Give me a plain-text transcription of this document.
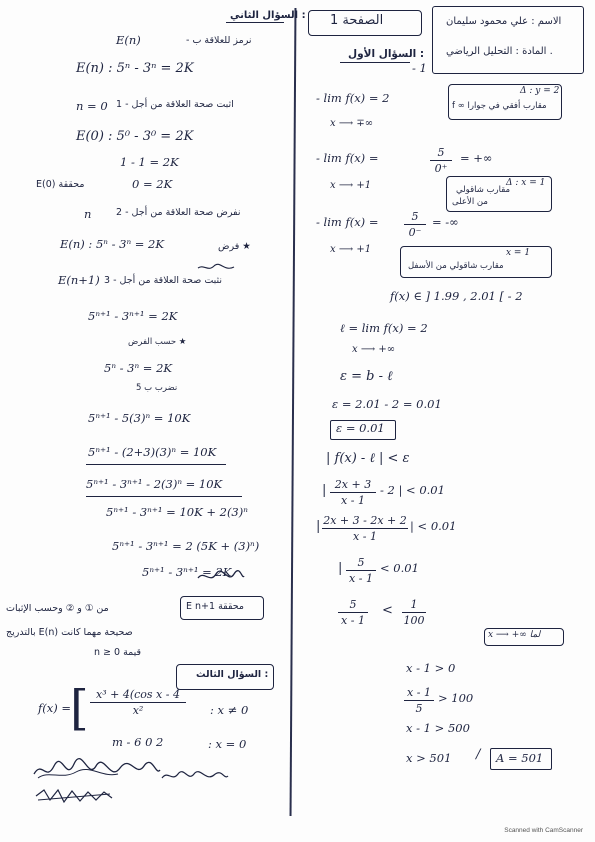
الصفحة 1	الاسم : علي محمود سليمان
المادة : التحليل الرياضي .
السؤال الأول :
- 1
- lim f(x) = 2
x ⟶ ∓∞
Δ : y = 2
f ∞ مقارب أفقي في جوارا
- lim f(x) =	5
0⁺
= +∞
x ⟶ +1	Δ : x = 1
مقارب شاقولي
من الأعلى
- lim f(x) =	5
0⁻
= -∞
x ⟶ +1	x = 1
مقارب شاقولي من الأسفل
f(x) ∈ ] 1.99 , 2.01 [ - 2
ℓ = lim f(x) = 2
x ⟶ +∞
ε = b - ℓ
ε = 2.01 - 2 = 0.01
ε = 0.01
| f(x) - ℓ | < ε
| 2x + 3
x - 1
- 2 | < 0.01
| 2x + 3 - 2x + 2
x - 1
| < 0.01
| 5
x - 1
< 0.01
5
x - 1
< 1
100
x ⟶ +∞ لما
x - 1 > 0
x - 1
5
> 100
x - 1 > 500
x > 501 / A = 501
السؤال الثاني :
E(n)	- نرمز للعلاقة ب
E(n) : 5ⁿ - 3ⁿ = 2K
n = 0 1 - اثبت صحة العلاقة من أجل
E(0) : 5⁰ - 3⁰ = 2K
1 - 1 = 2K
0 = 2K
E(0) محققة
n	2 - نفرض صحة العلاقة من أجل
E(n) : 5ⁿ - 3ⁿ = 2K	فرض ★
E(n+1) 3 - نثبت صحة العلاقة من أجل
5ⁿ⁺¹ - 3ⁿ⁺¹ = 2K
حسب الفرض ★
5ⁿ - 3ⁿ = 2K
نضرب ب 5
5ⁿ⁺¹ - 5(3)ⁿ = 10K
5ⁿ⁺¹ - (2+3)(3)ⁿ = 10K
5ⁿ⁺¹ - 3ⁿ⁺¹ - 2(3)ⁿ = 10K
5ⁿ⁺¹ - 3ⁿ⁺¹ = 10K + 2(3)ⁿ
5ⁿ⁺¹ - 3ⁿ⁺¹ = 2 (5K + (3)ⁿ)
5ⁿ⁺¹ - 3ⁿ⁺¹ = 2K
من ① و ② وحسب الإثبات	E n+1 محققة
بالتدريج E(n) صحيحة مهما كانت
n ≥ 0 قيمة
السؤال الثالث :
f(x) =
[ x³ + 4(cos x - 4
x²	: x ≠ 0
m - 6 0 2	: x = 0
Scanned with CamScanner
